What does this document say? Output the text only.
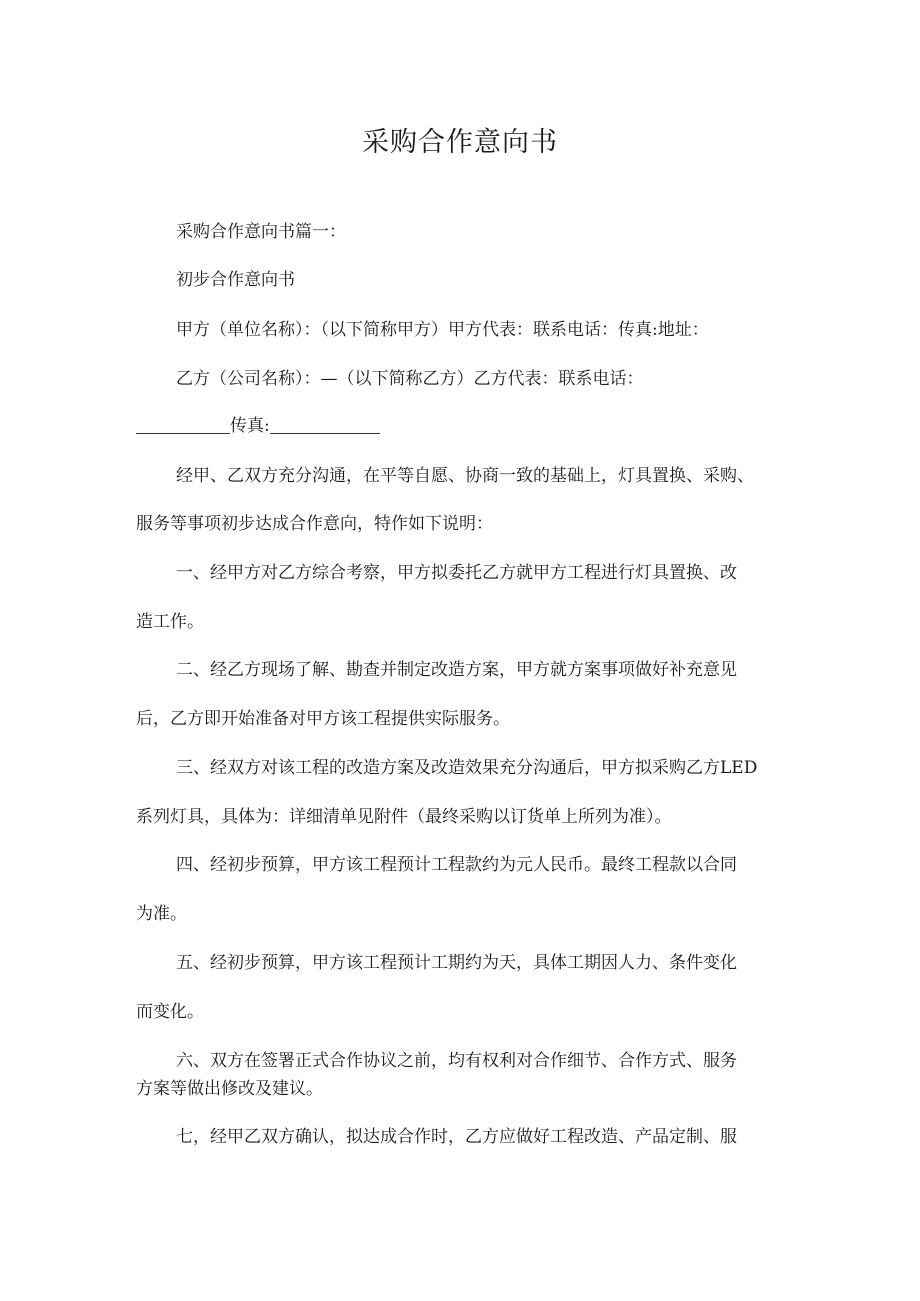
采购合作意向书
采购合作意向书篇一：
初步合作意向书
甲方（单位名称）：（以下简称甲方）甲方代表：联系电话：传真:地址：
乙方（公司名称）：—（以下简称乙方）乙方代表：联系电话：
传真:
经甲、乙双方充分沟通，在平等自愿、协商一致的基础上，灯具置换、采购、
服务等事项初步达成合作意向，特作如下说明：
一、经甲方对乙方综合考察，甲方拟委托乙方就甲方工程进行灯具置换、改
造工作。
二、经乙方现场了解、勘查并制定改造方案，甲方就方案事项做好补充意见
后，乙方即开始准备对甲方该工程提供实际服务。
三、经双方对该工程的改造方案及改造效果充分沟通后，甲方拟采购乙方LED
系列灯具，具体为：详细清单见附件（最终采购以订货单上所列为准）。
四、经初步预算，甲方该工程预计工程款约为元人民币。最终工程款以合同
为准。
五、经初步预算，甲方该工程预计工期约为天，具体工期因人力、条件变化
而变化。
六、双方在签署正式合作协议之前，均有权利对合作细节、合作方式、服务
方案等做出修改及建议。
七，经甲乙双方确认，拟达成合作时，乙方应做好工程改造、产品定制、服
